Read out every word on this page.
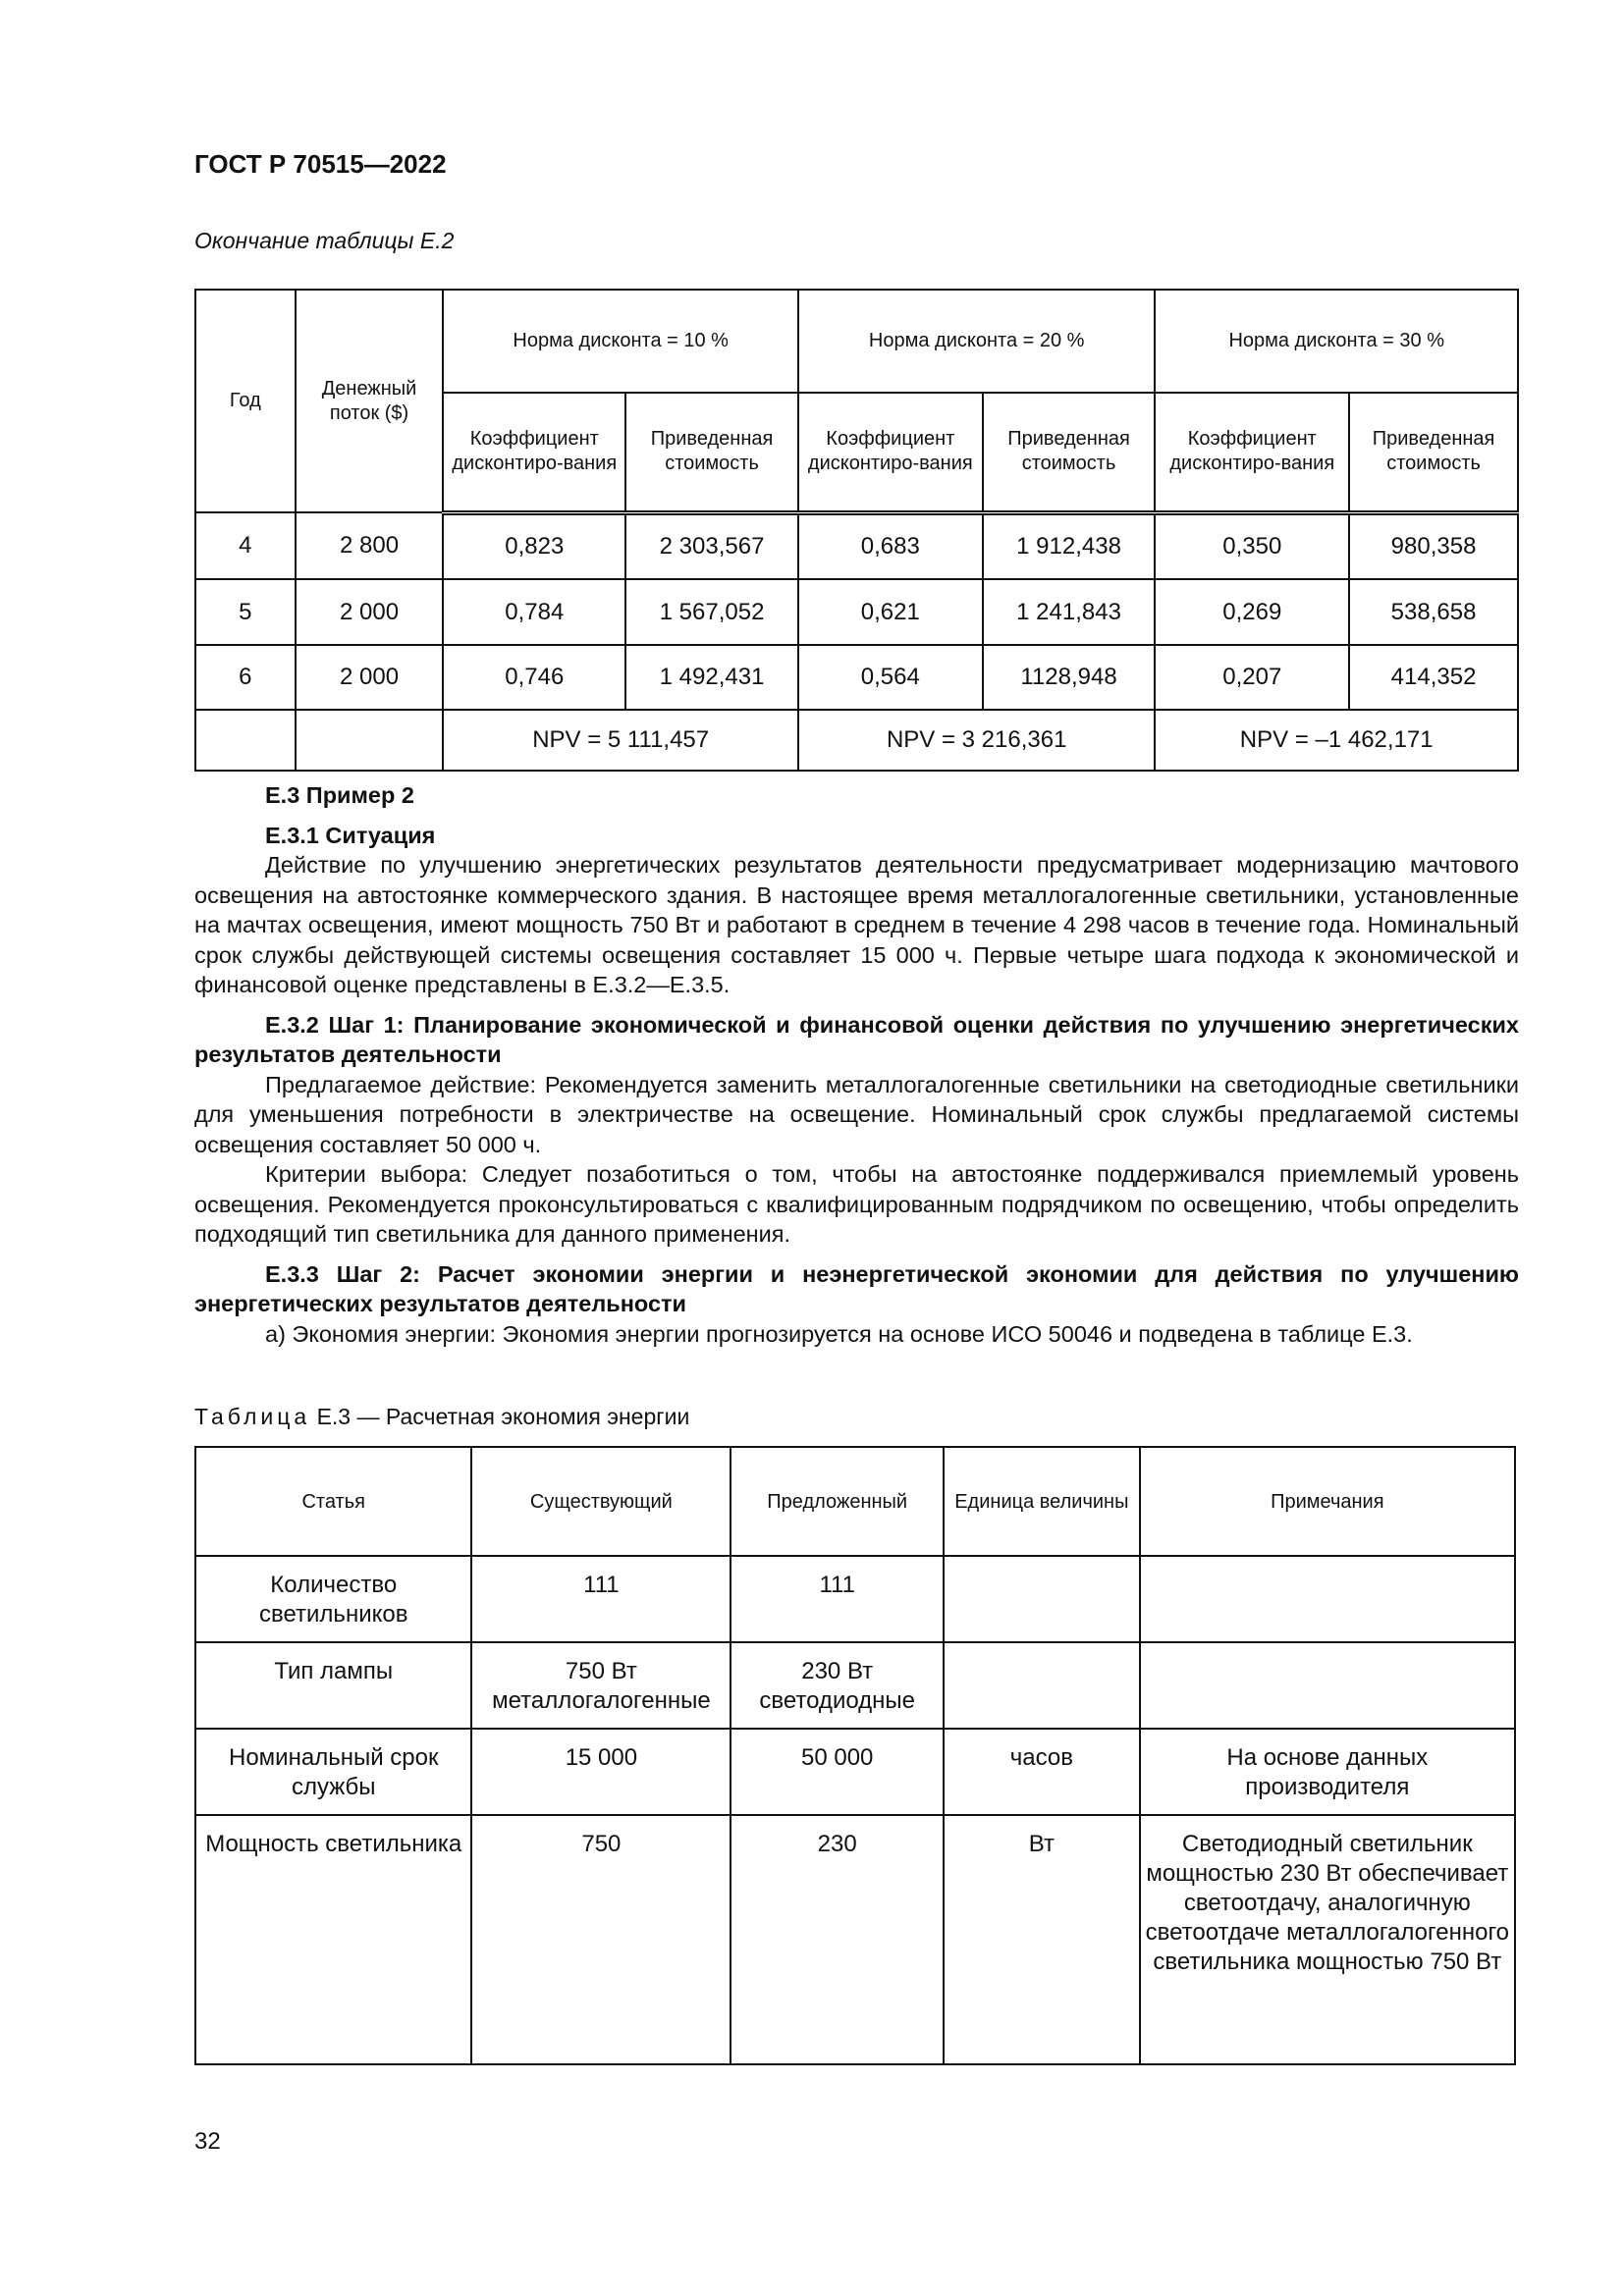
ГОСТ Р 70515—2022
Окончание таблицы Е.2
Год	Денежный поток ($)	Норма дисконта = 10 %		Норма дисконта = 20 %		Норма дисконта = 30 %	
		Коэффициент дисконтиро-вания	Приведенная стоимость	Коэффициент дисконтиро-вания	Приведенная стоимость	Коэффициент дисконтиро-вания	Приведенная стоимость
4	2 800	0,823	2 303,567	0,683	1 912,438	0,350	980,358
5	2 000	0,784	1 567,052	0,621	1 241,843	0,269	538,658
6	2 000	0,746	1 492,431	0,564	1128,948	0,207	414,352
		NPV = 5 111,457		NPV = 3 216,361		NPV = –1 462,171	

Е.3 Пример 2

Е.3.1 Ситуация

Действие по улучшению энергетических результатов деятельности предусматривает модернизацию мачтового освещения на автостоянке коммерческого здания. В настоящее время металлогалогенные светильники, установленные на мачтах освещения, имеют мощность 750 Вт и работают в среднем в течение 4 298 часов в течение года. Номинальный срок службы действующей системы освещения составляет 15 000 ч. Первые четыре шага подхода к экономической и финансовой оценке представлены в Е.3.2—Е.3.5.

Е.3.2 Шаг 1: Планирование экономической и финансовой оценки действия по улучшению энергетических результатов деятельности

Предлагаемое действие: Рекомендуется заменить металлогалогенные светильники на светодиодные светильники для уменьшения потребности в электричестве на освещение. Номинальный срок службы предлагаемой системы освещения составляет 50 000 ч.

Критерии выбора: Следует позаботиться о том, чтобы на автостоянке поддерживался приемлемый уровень освещения. Рекомендуется проконсультироваться с квалифицированным подрядчиком по освещению, чтобы определить подходящий тип светильника для данного применения.

Е.3.3 Шаг 2: Расчет экономии энергии и неэнергетической экономии для действия по улучшению энергетических результатов деятельности

а) Экономия энергии: Экономия энергии прогнозируется на основе ИСО 50046 и подведена в таблице Е.3.

Таблица Е.3 — Расчетная экономия энергии
Статья	Существующий	Предложенный	Единица величины	Примечания
Количество светильников	111	111		
Тип лампы	750 Вт металлогалогенные	230 Вт светодиодные		
Номинальный срок службы	15 000	50 000	часов	На основе данных производителя
Мощность светильника	750	230	Вт	Светодиодный светильник мощностью 230 Вт обеспечивает светоотдачу, аналогичную светоотдаче металлогалогенного светильника мощностью 750 Вт
32
